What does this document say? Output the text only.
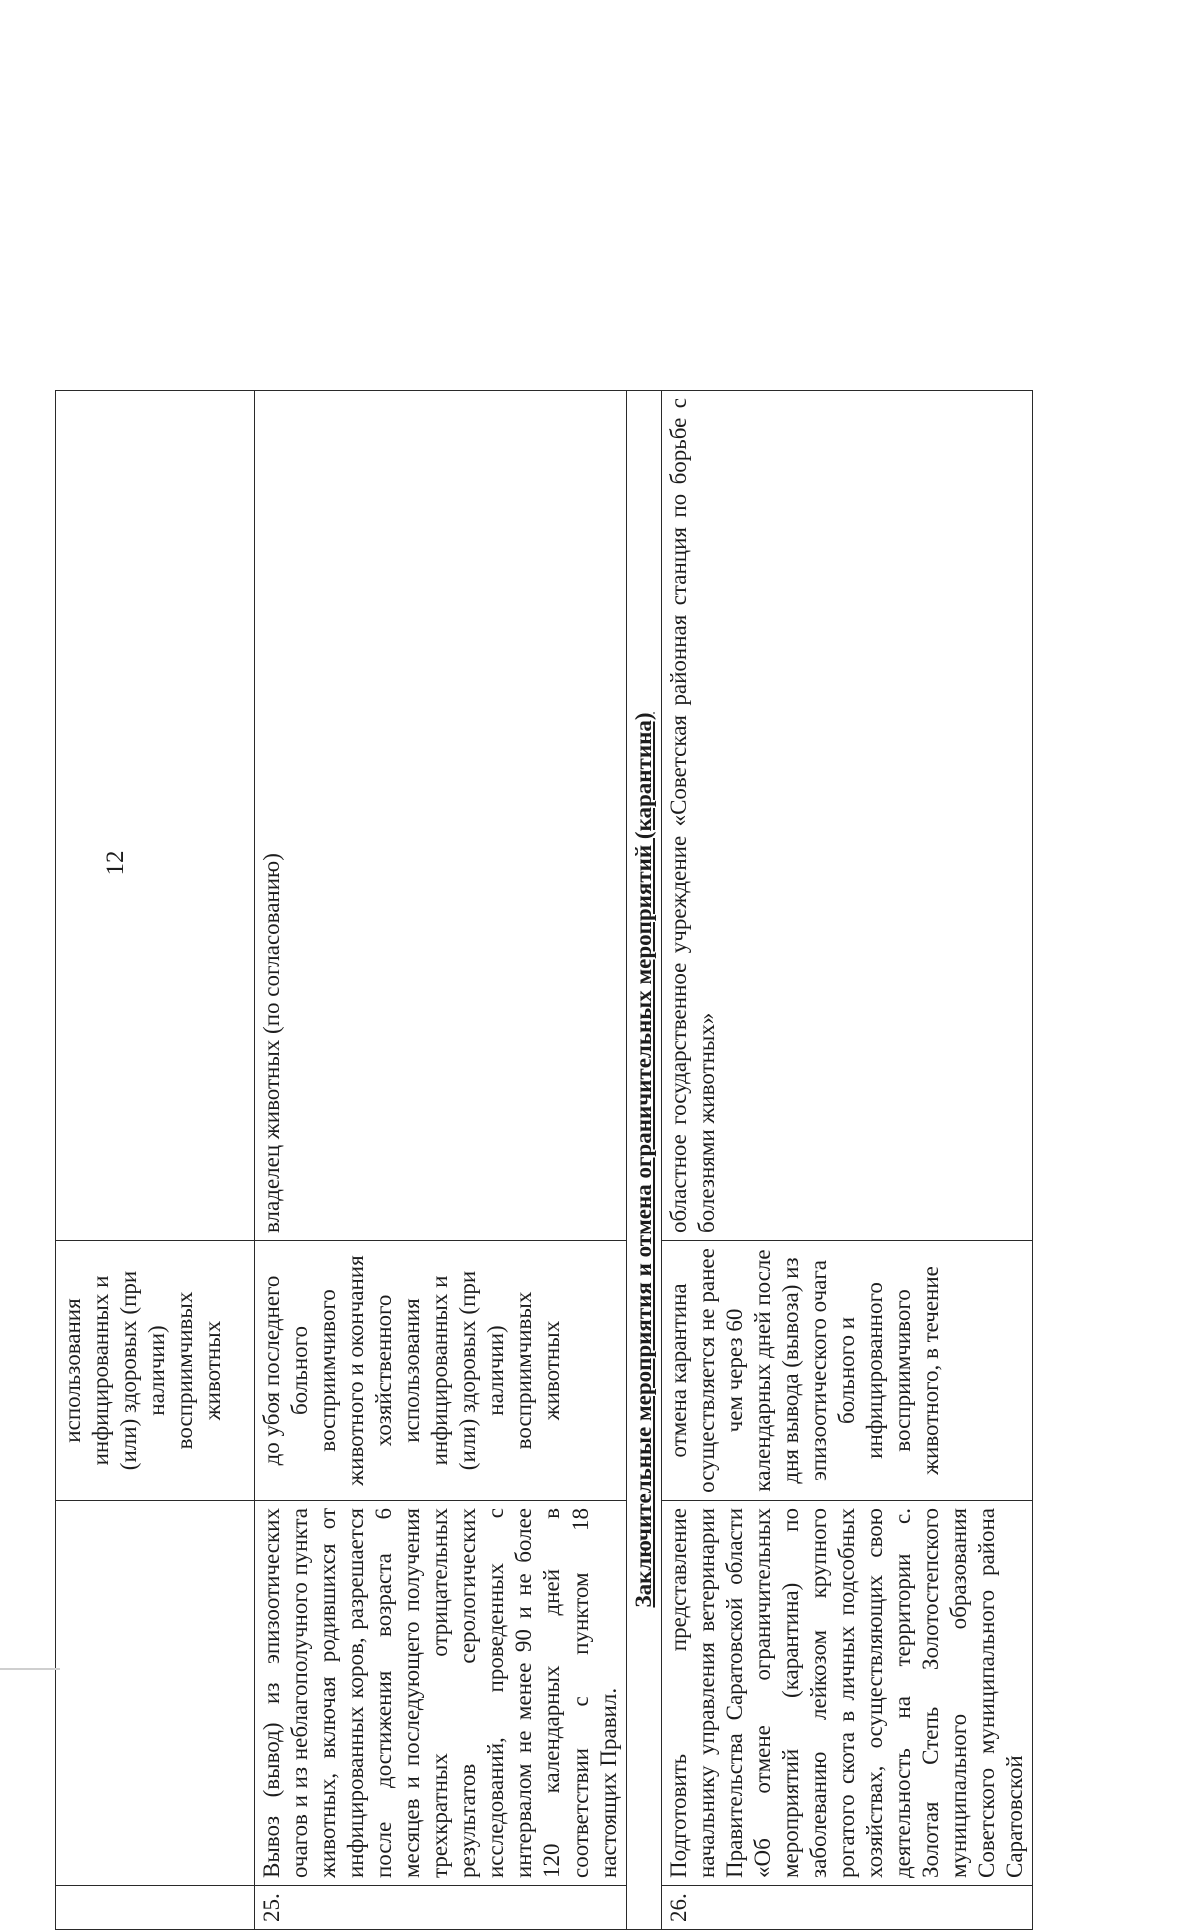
12
		использования инфицированных и (или) здоровых (при наличии) восприимчивых животных	
25.	Вывоз (вывод) из эпизоотических очагов и из неблагополучного пункта животных, включая родившихся от инфицированных коров, разрешается после достижения возраста 6 месяцев и последующего получения трехкратных отрицательных результатов серологических исследований, проведенных с интервалом не менее 90 и не более 120 календарных дней в соответствии с пунктом 18 настоящих Правил.	до убоя последнего больного восприимчивого животного и окончания хозяйственного использования инфицированных и (или) здоровых (при наличии) восприимчивых животных	владелец животных (по согласованию)
Заключительные мероприятия и отмена ограничительных мероприятий (карантина)			
26.	Подготовить представление начальнику управления ветеринарии Правительства Саратовской области «Об отмене ограничительных мероприятий (карантина) по заболеванию лейкозом крупного рогатого скота в личных подсобных хозяйствах, осуществляющих свою деятельность на территории с. Золотая Степь Золотостепского муниципального образования Советского муниципального района Саратовской	отмена карантина осуществляется не ранее чем через 60 календарных дней после дня вывода (вывоза) из эпизоотического очага больного и инфицированного восприимчивого животного, в течение	областное государственное учреждение «Советская районная станция по борьбе с болезнями животных»
